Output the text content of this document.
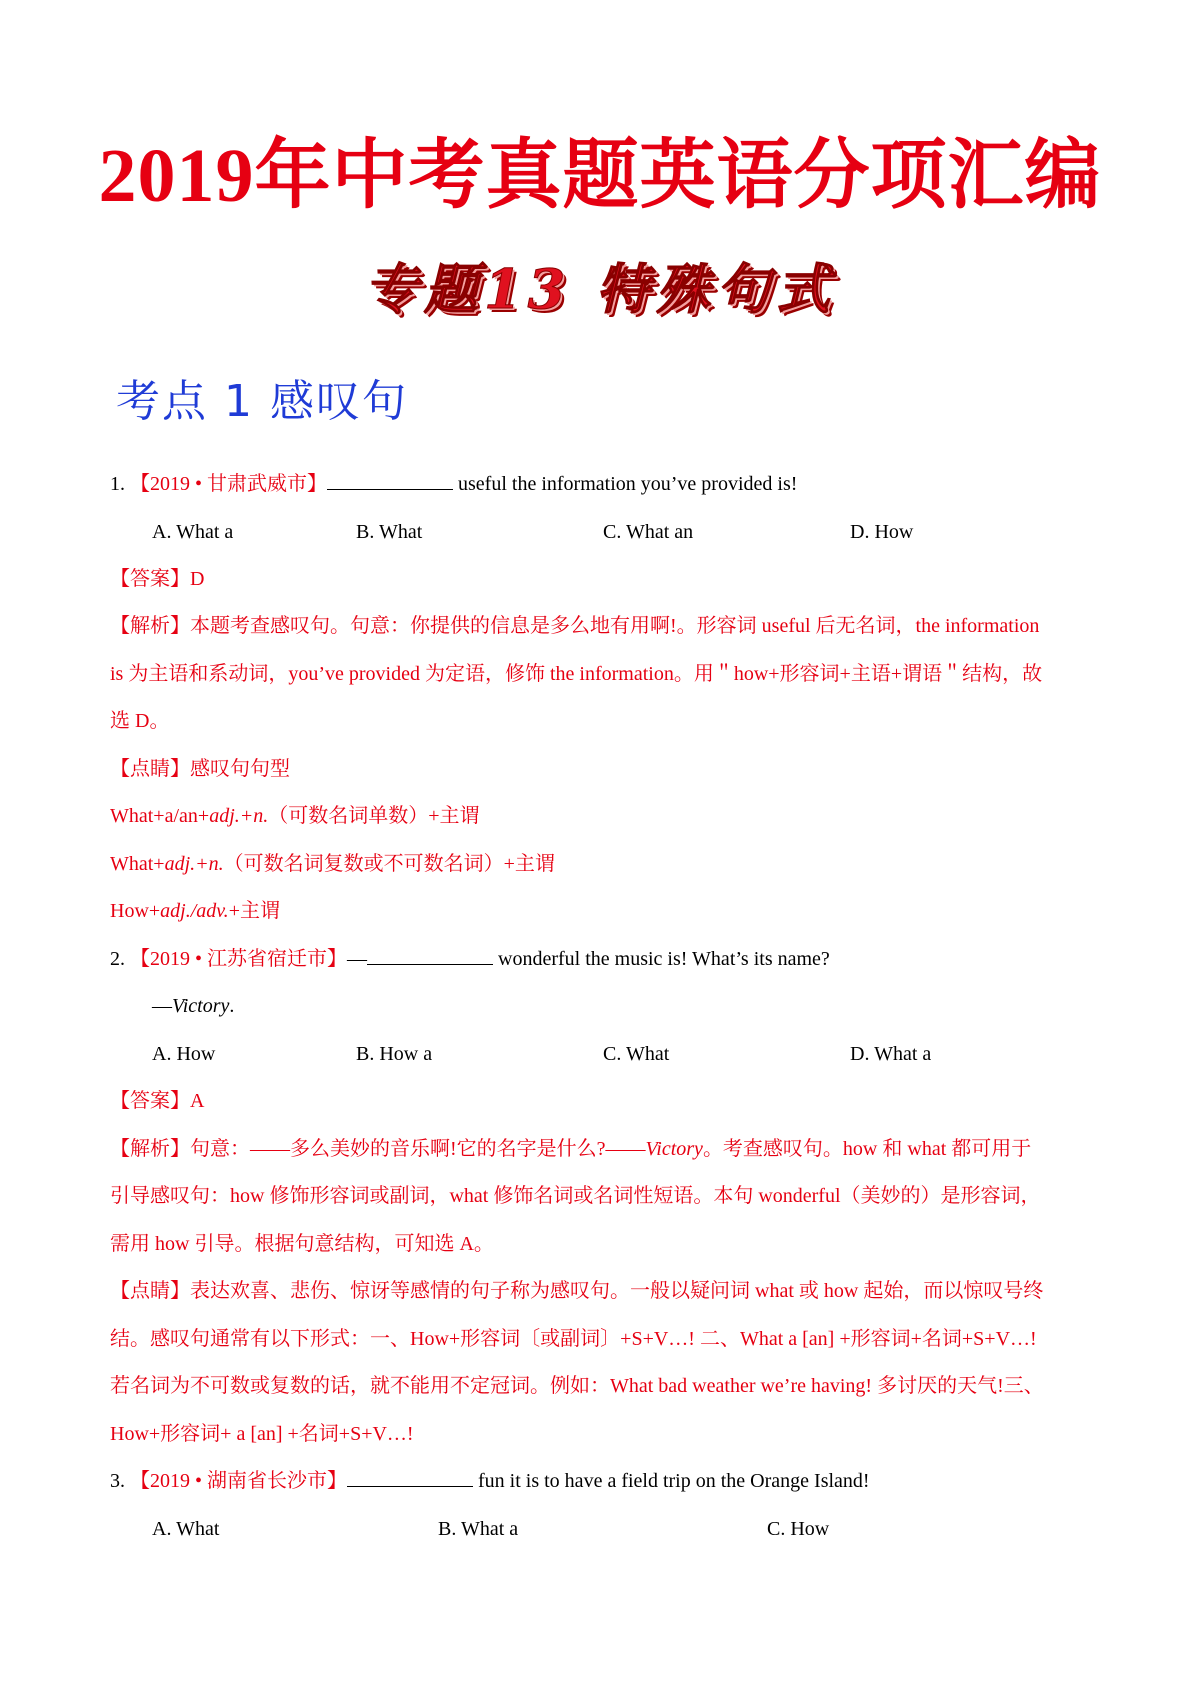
2019年中考真题英语分项汇编
专题13 特殊句式
考点 1 感叹句
1. 【2019 • 甘肃武威市】	useful the information you’ve provided is!
A. What a	B. What	C. What an	D. How
【答案】D
【解析】本题考查感叹句。句意：你提供的信息是多么地有用啊!。形容词 useful 后无名词，the information
is 为主语和系动词，you’ve provided 为定语，修饰 the information。用＂how+形容词+主语+谓语＂结构，故
选 D。
【点睛】感叹句句型
What+a/an+adj.+n.（可数名词单数）+主谓
What+adj.+n.（可数名词复数或不可数名词）+主谓
How+adj./adv.+主谓
2. 【2019 • 江苏省宿迁市】—	wonderful the music is! What’s its name?
—Victory.
A. How	B. How a	C. What	D. What a
【答案】A
【解析】句意：——多么美妙的音乐啊!它的名字是什么?——Victory。考查感叹句。how 和 what 都可用于
引导感叹句：how 修饰形容词或副词，what 修饰名词或名词性短语。本句 wonderful（美妙的）是形容词，
需用 how 引导。根据句意结构，可知选 A。
【点睛】表达欢喜、悲伤、惊讶等感情的句子称为感叹句。一般以疑问词 what 或 how 起始，而以惊叹号终
结。感叹句通常有以下形式：一、How+形容词〔或副词〕+S+V…! 二、What a [an] +形容词+名词+S+V…!
若名词为不可数或复数的话，就不能用不定冠词。例如：What bad weather we’re having! 多讨厌的天气!三、
How+形容词+ a [an] +名词+S+V…!
3. 【2019 • 湖南省长沙市】	fun it is to have a field trip on the Orange Island!
A. What	B. What a	C. How
